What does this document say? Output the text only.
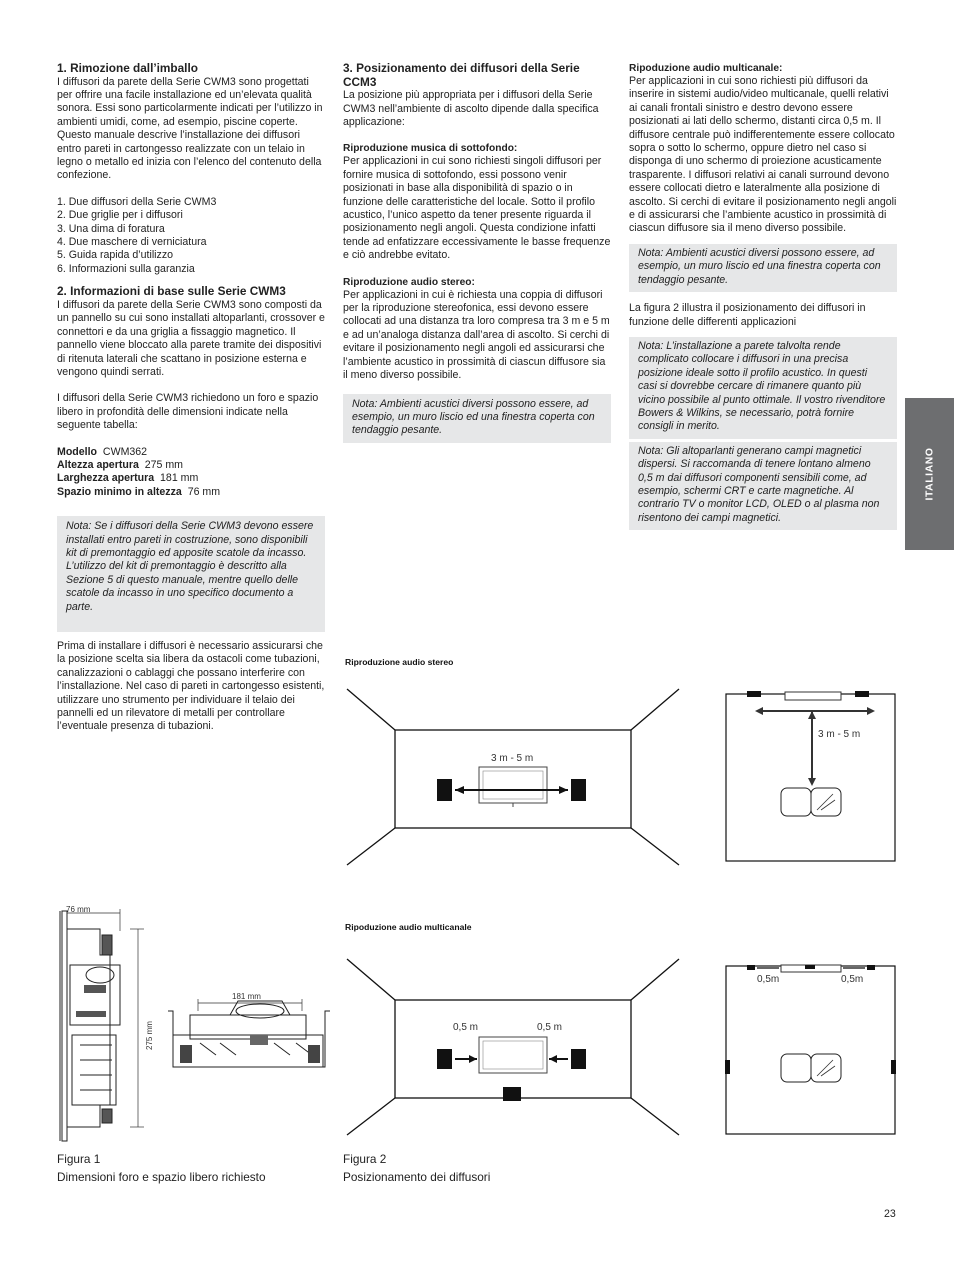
1. Rimozione dall’imballo

I diffusori da parete della Serie CWM3 sono progettati per offrire una facile installazione ed un’elevata qualità sonora. Essi sono particolarmente indicati per l’utilizzo in ambienti umidi, come, ad esempio, piscine coperte. Questo manuale descrive l’installazione dei diffusori entro pareti in cartongesso realizzate con un telaio in legno o metallo ed inizia con l’elenco del contenuto della confezione.

1. Due diffusori della Serie CWM3
2. Due griglie per i diffusori
3. Una dima di foratura
4. Due maschere di verniciatura
5. Guida rapida d’utilizzo
6. Informazioni sulla garanzia

2. Informazioni di base sulle Serie CWM3

I diffusori da parete della Serie CWM3 sono composti da un pannello su cui sono installati altoparlanti, crossover e connettori e da una griglia a fissaggio magnetico. Il pannello viene bloccato alla parete tramite dei dispositivi di ritenuta laterali che scattano in posizione esterna e vengono quindi serrati.

I diffusori della Serie CWM3 richiedono un foro e spazio libero in profondità delle dimensioni indicate nella seguente tabella:

Modello CWM362
Altezza apertura 275 mm
Larghezza apertura 181 mm
Spazio minimo in altezza 76 mm

Nota: Se i diffusori della Serie CWM3 devono essere installati entro pareti in costruzione, sono disponibili kit di premontaggio ed apposite scatole da incasso. L’utilizzo del kit di premontaggio è descritto alla Sezione 5 di questo manuale, mentre quello delle scatole da incasso in uno specifico documento a parte.

Prima di installare i diffusori è necessario assicurarsi che la posizione scelta sia libera da ostacoli come tubazioni, canalizzazioni o cablaggi che possano interferire con l’installazione. Nel caso di pareti in cartongesso esistenti, utilizzare uno strumento per individuare il telaio dei pannelli ed un rilevatore di metalli per controllare l’eventuale presenza di tubazioni.

3. Posizionamento dei diffusori della Serie CCM3

La posizione più appropriata per i diffusori della Serie CWM3 nell’ambiente di ascolto dipende dalla specifica applicazione:

Riproduzione musica di sottofondo:

Per applicazioni in cui sono richiesti singoli diffusori per fornire musica di sottofondo, essi possono venir posizionati in base alla disponibilità di spazio o in funzione delle caratteristiche del locale. Sotto il profilo acustico, l’unico aspetto da tener presente riguarda il posizionamento negli angoli. Questa condizione infatti tende ad enfatizzare eccessivamente le basse frequenze e ciò andrebbe evitato.

Riproduzione audio stereo:

Per applicazioni in cui è richiesta una coppia di diffusori per la riproduzione stereofonica, essi devono essere collocati ad una distanza tra loro compresa tra 3 m e 5 m e ad un’analoga distanza dall’area di ascolto. Si cerchi di evitare il posizionamento negli angoli ed assicurarsi che l’ambiente acustico in prossimità di ciascun diffusore sia il meno diverso possibile.

Nota: Ambienti acustici diversi possono essere, ad esempio, un muro liscio ed una finestra coperta con tendaggio pesante.

Ripoduzione audio multicanale:

Per applicazioni in cui sono richiesti più diffusori da inserire in sistemi audio/video multicanale, quelli relativi ai canali frontali sinistro e destro devono essere posizionati ai lati dello schermo, distanti circa 0,5 m. Il diffusore centrale può indifferentemente essere collocato sopra o sotto lo schermo, oppure dietro nel caso si disponga di uno schermo di proiezione acusticamente trasparente. I diffusori relativi ai canali surround devono essere collocati dietro e lateralmente alla posizione di ascolto. Si cerchi di evitare il posizionamento negli angoli e di assicurarsi che l’ambiente acustico in prossimità di ciascun diffusore sia il meno diverso possibile.

Nota: Ambienti acustici diversi possono essere, ad esempio, un muro liscio ed una finestra coperta con tendaggio pesante.

La figura 2 illustra il posizionamento dei diffusori in funzione delle differenti applicazioni

Nota: L’installazione a parete talvolta rende complicato collocare i diffusori in una precisa posizione ideale sotto il profilo acustico. In questi casi si dovrebbe cercare di rimanere quanto più vicino possibile al punto ottimale. Il vostro rivenditore Bowers & Wilkins, se necessario, potrà fornire consigli in merito.

Nota: Gli altoparlanti generano campi magnetici dispersi. Si raccomanda di tenere lontano almeno 0,5 m dai diffusori componenti sensibili come, ad esempio, schermi CRT e carte magnetiche. Al contrario TV o monitor LCD, OLED o al plasma non risentono dei campi magnetici.

ITALIANO
76 mm
275 mm
181 mm
Figura 1
Dimensioni foro e spazio libero richiesto
Riproduzione audio stereo
3 m - 5 m
3 m - 5 m
Ripoduzione audio multicanale
0,5 m	0,5 m
0,5m	0,5m
Figura 2
Posizionamento dei diffusori
23
